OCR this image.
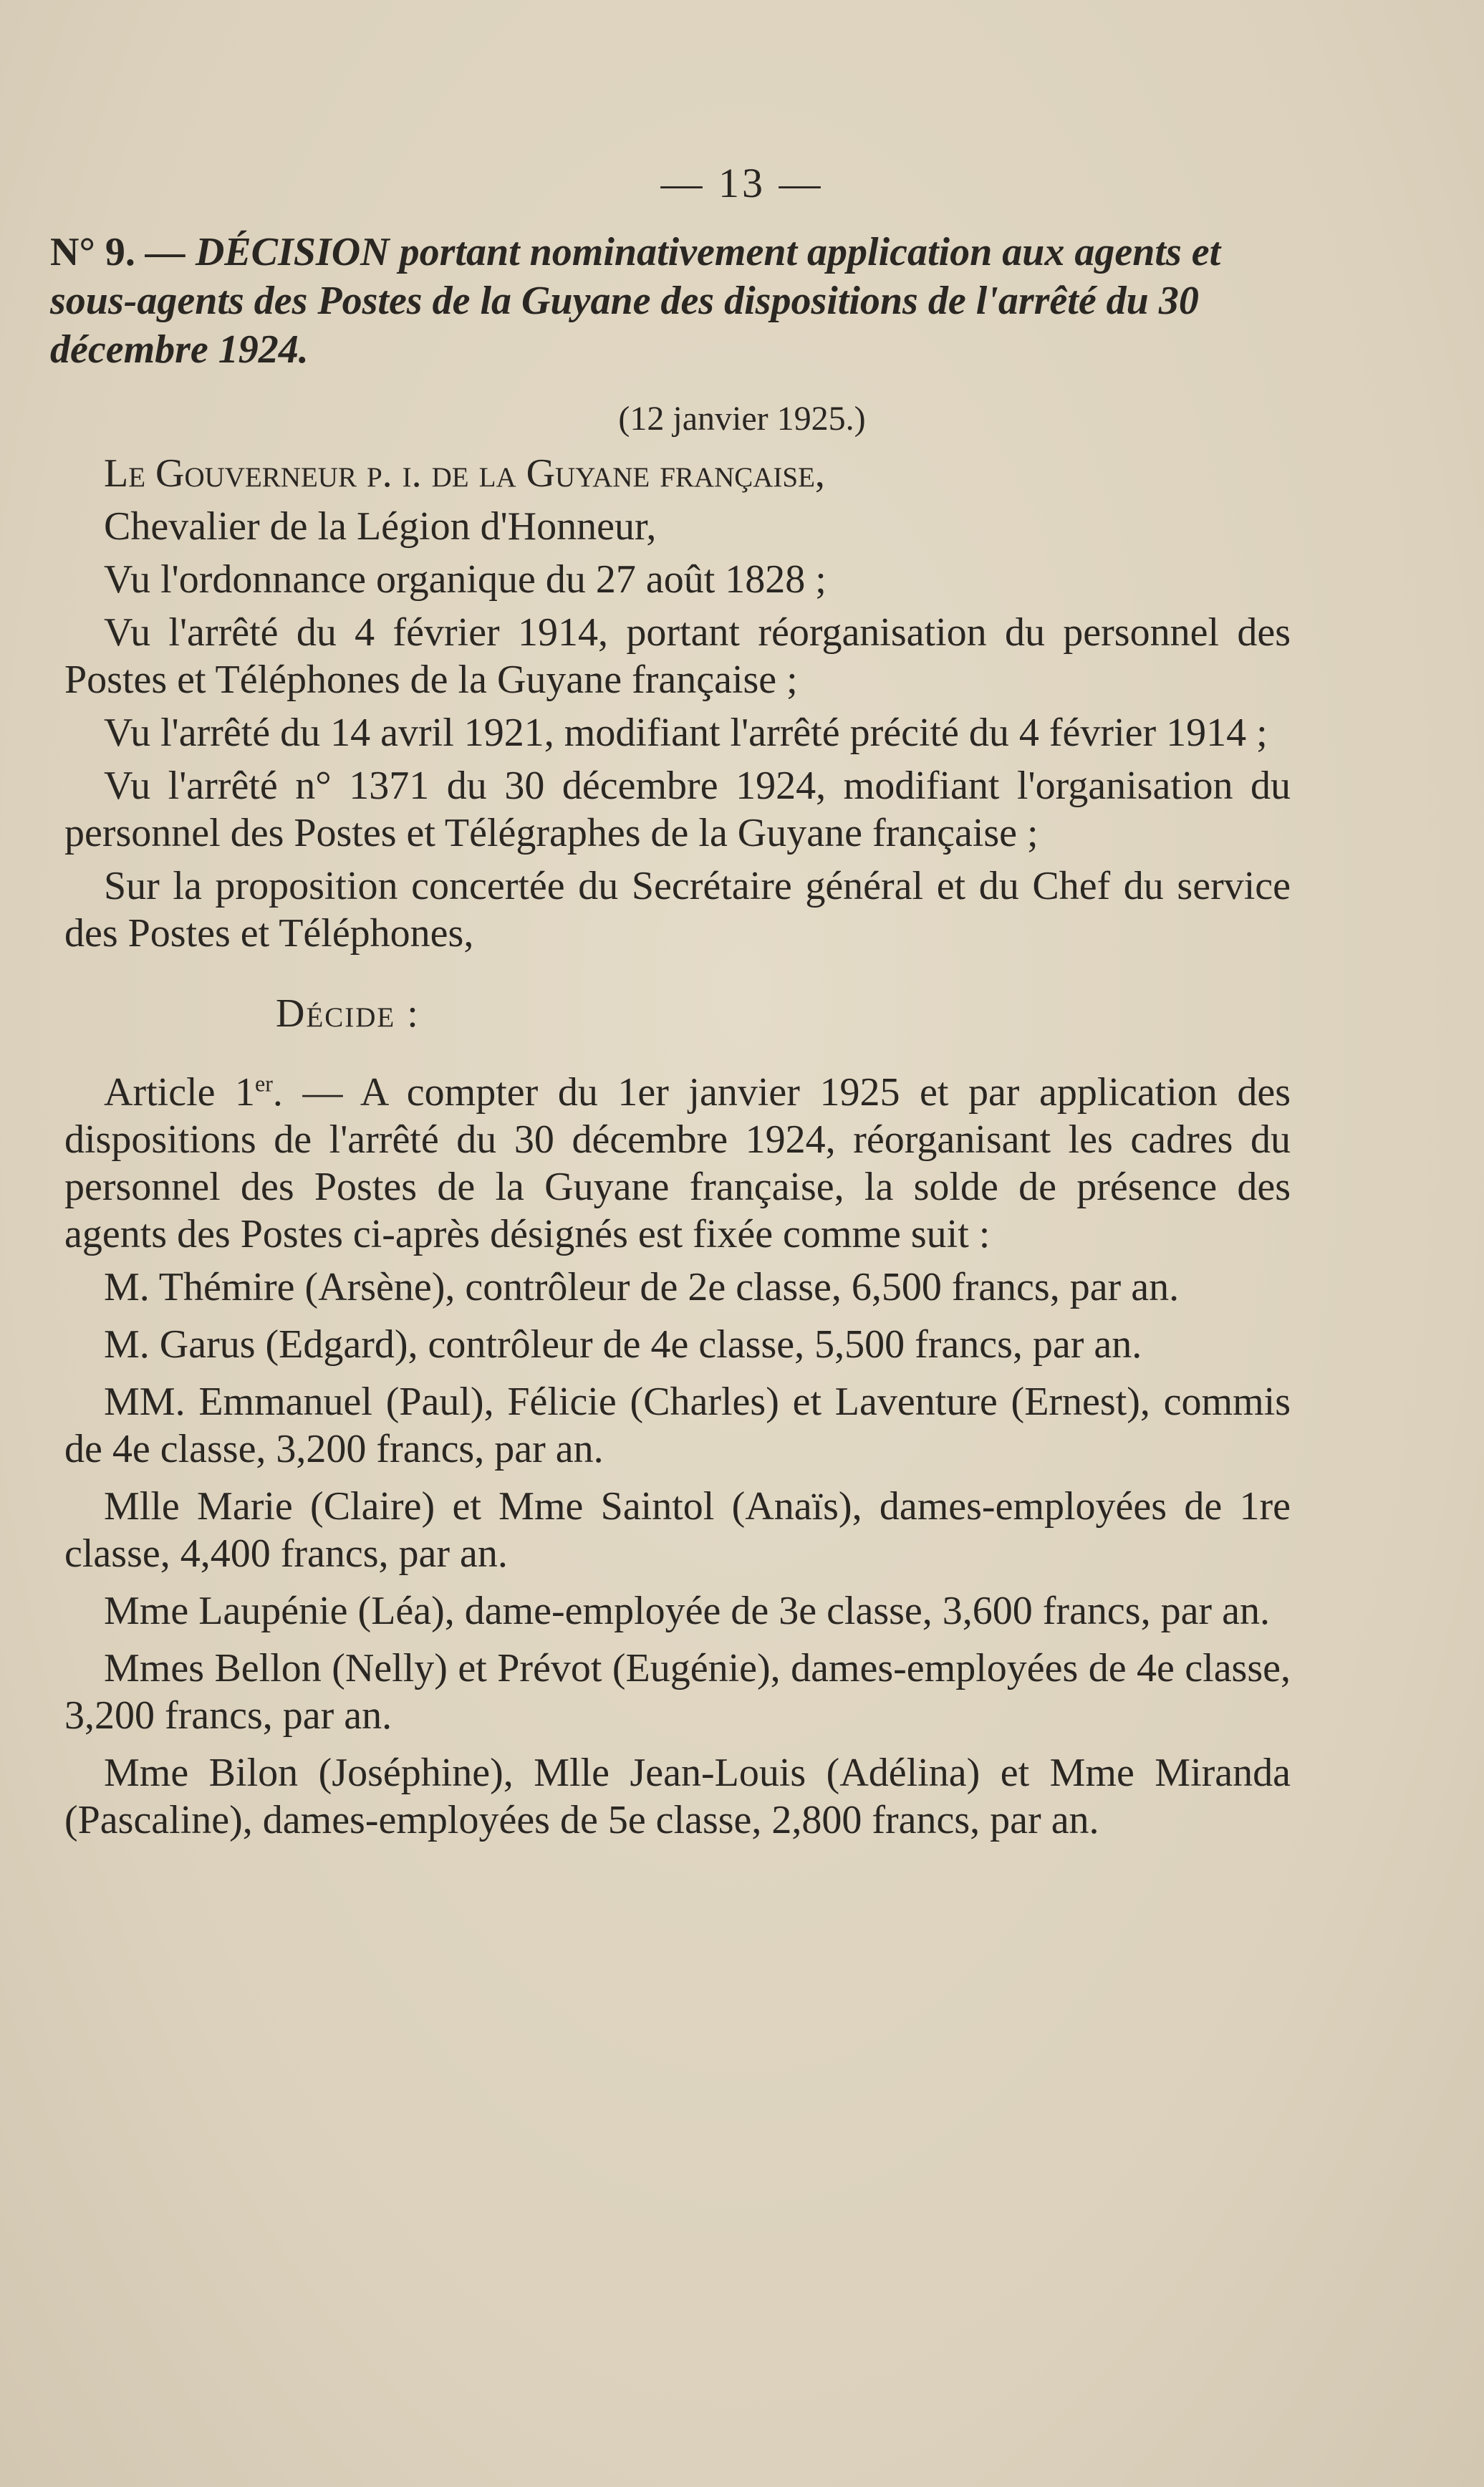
— 13 —
N° 9. — DÉCISION portant nominativement application aux agents et sous-agents des Postes de la Guyane des dispositions de l'arrêté du 30 décembre 1924.
(12 janvier 1925.)

Le Gouverneur p. i. de la Guyane française,

Chevalier de la Légion d'Honneur,

Vu l'ordonnance organique du 27 août 1828 ;

Vu l'arrêté du 4 février 1914, portant réorganisation du personnel des Postes et Téléphones de la Guyane française ;

Vu l'arrêté du 14 avril 1921, modifiant l'arrêté précité du 4 février 1914 ;

Vu l'arrêté n° 1371 du 30 décembre 1924, modifiant l'organisation du personnel des Postes et Télégraphes de la Guyane française ;

Sur la proposition concertée du Secrétaire général et du Chef du service des Postes et Téléphones,

Décide :

Article 1er. — A compter du 1er janvier 1925 et par application des dispositions de l'arrêté du 30 décembre 1924, réorganisant les cadres du personnel des Postes de la Guyane française, la solde de présence des agents des Postes ci-après désignés est fixée comme suit :

M. Thémire (Arsène), contrôleur de 2e classe, 6,500 francs, par an.

M. Garus (Edgard), contrôleur de 4e classe, 5,500 francs, par an.

MM. Emmanuel (Paul), Félicie (Charles) et Laventure (Ernest), commis de 4e classe, 3,200 francs, par an.

Mlle Marie (Claire) et Mme Saintol (Anaïs), dames-employées de 1re classe, 4,400 francs, par an.

Mme Laupénie (Léa), dame-employée de 3e classe, 3,600 francs, par an.

Mmes Bellon (Nelly) et Prévot (Eugénie), dames-employées de 4e classe, 3,200 francs, par an.

Mme Bilon (Joséphine), Mlle Jean-Louis (Adélina) et Mme Miranda (Pascaline), dames-employées de 5e classe, 2,800 francs, par an.
